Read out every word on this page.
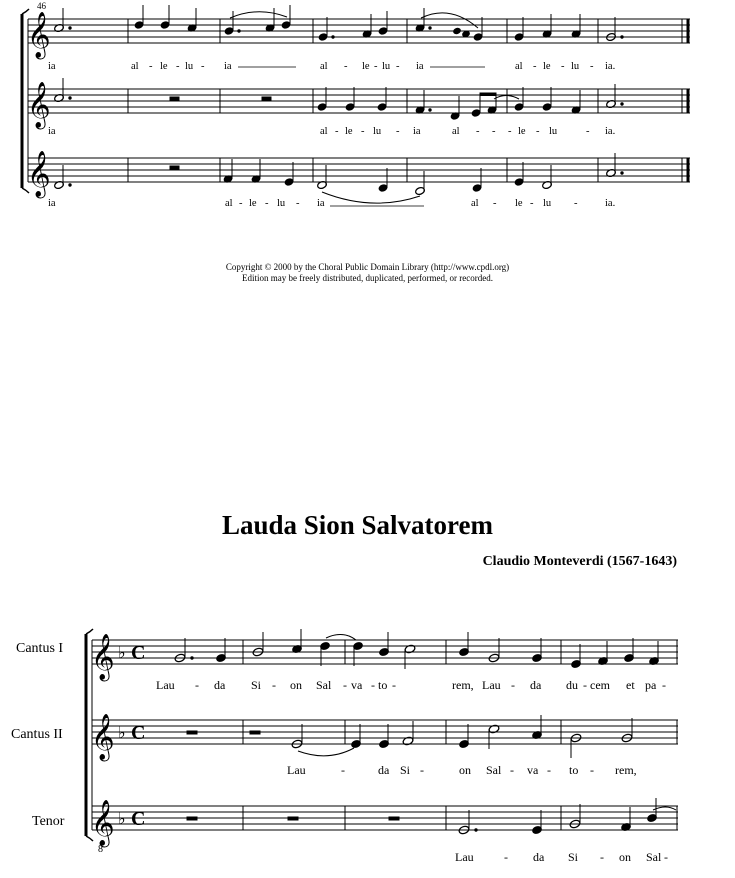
𝄞
𝄞
𝄞
𝄞
𝄞
𝄞
♭
♭
♭
C
C
C
8
46
ia	al - le - lu - ia	al - le - lu - ia	al - le - lu - ia.
ia	al - le - lu - ia	al - - - le - lu	- ia.
ia	al - le - lu - ia	al - le - lu -	ia.
Copyright © 2000 by the Choral Public Domain Library (http://www.cpdl.org)
Edition may be freely distributed, duplicated, performed, or recorded.
Lauda Sion Salvatorem
Claudio Monteverdi (1567-1643)
Cantus I
Cantus II
Tenor
Lau - da Si - on Sal - va - to -	rem, Lau - da du - cem et pa -
Lau	-	da Si -	on Sal - va - to - rem,
Lau	- da Si - on Sal -
